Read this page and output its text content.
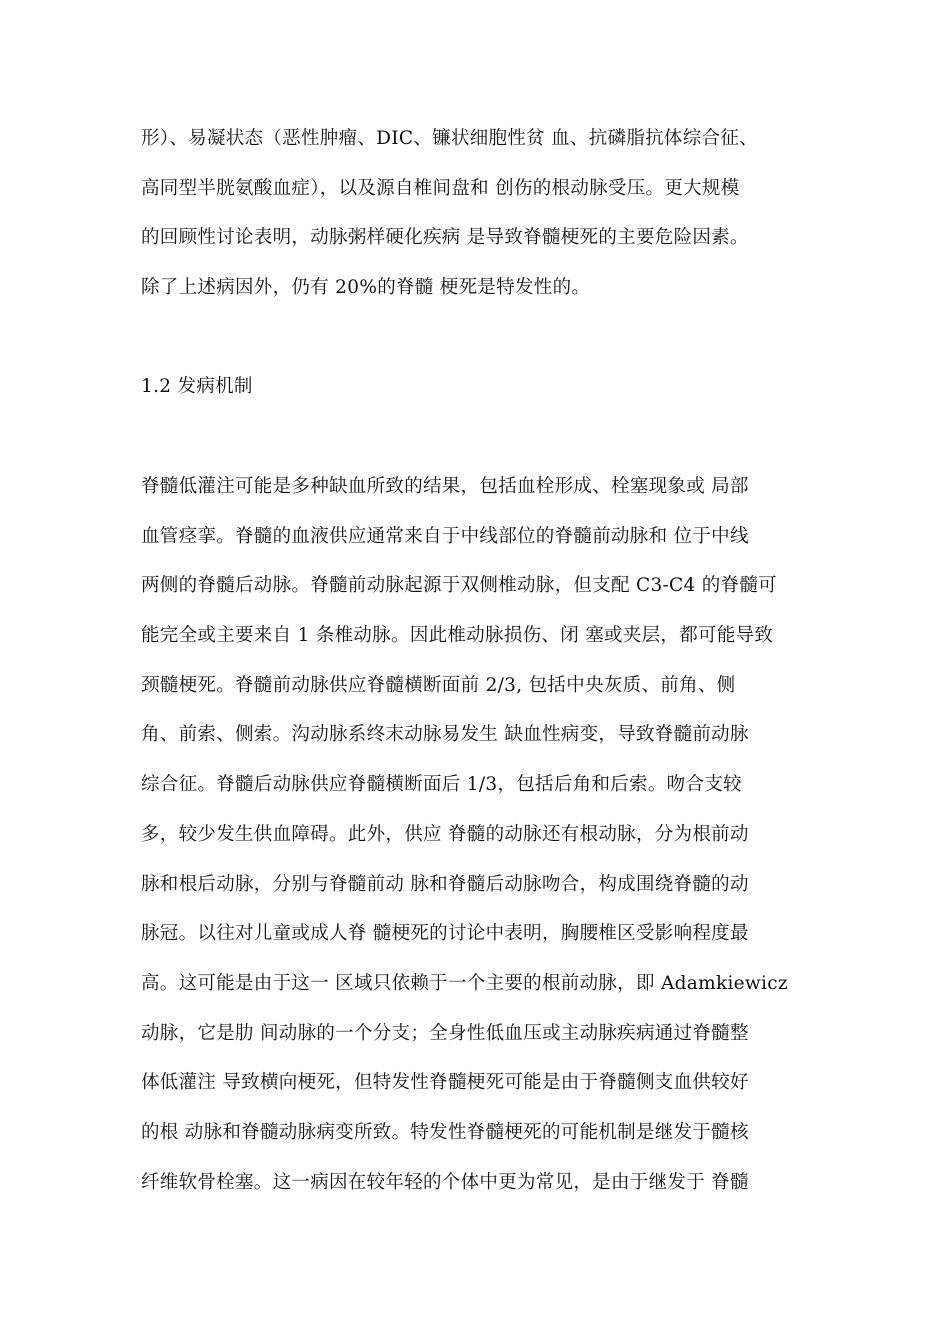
形）、易凝状态（恶性肿瘤、DIC、镰状细胞性贫 血、抗磷脂抗体综合征、
高同型半胱氨酸血症），以及源自椎间盘和 创伤的根动脉受压。更大规模
的回顾性讨论表明，动脉粥样硬化疾病 是导致脊髓梗死的主要危险因素。
除了上述病因外，仍有 20%的脊髓 梗死是特发性的。
1.2 发病机制
脊髓低灌注可能是多种缺血所致的结果，包括血栓形成、栓塞现象或 局部
血管痉挛。脊髓的血液供应通常来自于中线部位的脊髓前动脉和 位于中线
两侧的脊髓后动脉。脊髓前动脉起源于双侧椎动脉，但支配 C3-C4 的脊髓可
能完全或主要来自 1 条椎动脉。因此椎动脉损伤、闭 塞或夹层，都可能导致
颈髓梗死。脊髓前动脉供应脊髓横断面前 2/3, 包括中央灰质、前角、侧
角、前索、侧索。沟动脉系终末动脉易发生 缺血性病变，导致脊髓前动脉
综合征。脊髓后动脉供应脊髓横断面后 1/3，包括后角和后索。吻合支较
多，较少发生供血障碍。此外，供应 脊髓的动脉还有根动脉，分为根前动
脉和根后动脉，分别与脊髓前动 脉和脊髓后动脉吻合，构成围绕脊髓的动
脉冠。以往对儿童或成人脊 髓梗死的讨论中表明，胸腰椎区受影响程度最
高。这可能是由于这一 区域只依赖于一个主要的根前动脉，即 Adamkiewicz
动脉，它是肋 间动脉的一个分支；全身性低血压或主动脉疾病通过脊髓整
体低灌注 导致横向梗死，但特发性脊髓梗死可能是由于脊髓侧支血供较好
的根 动脉和脊髓动脉病变所致。特发性脊髓梗死的可能机制是继发于髓核
纤维软骨栓塞。这一病因在较年轻的个体中更为常见，是由于继发于 脊髓
